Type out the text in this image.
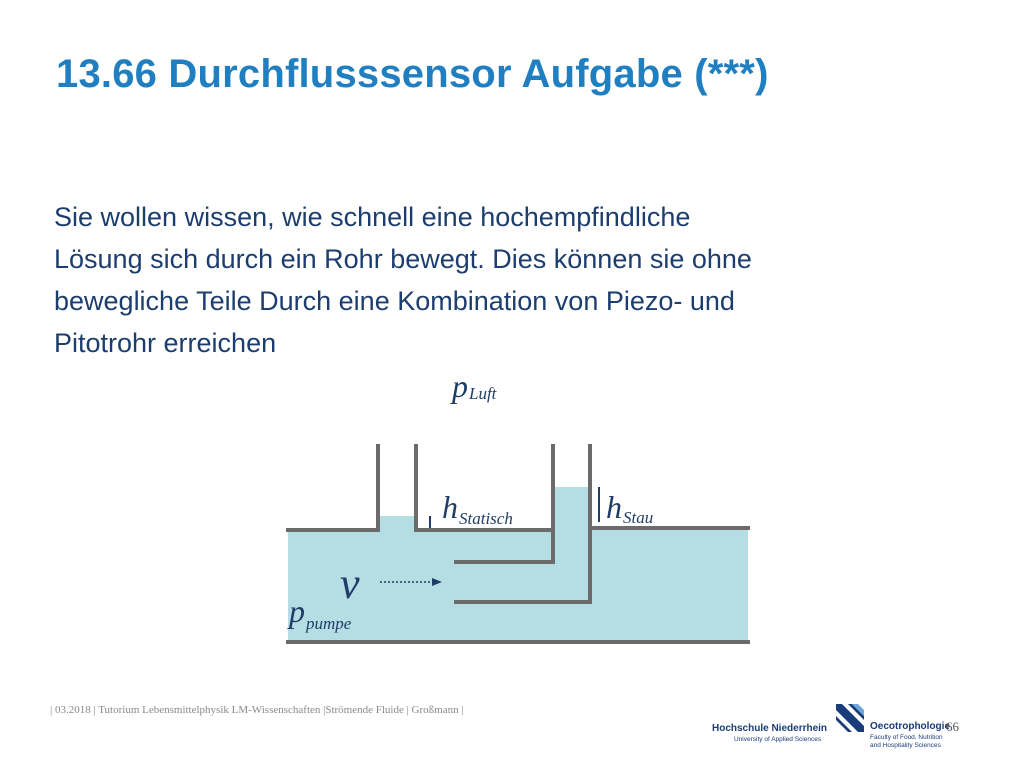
13.66 Durchflusssensor Aufgabe (***)

Sie wollen wissen, wie schnell eine hochempfindliche
Lösung sich durch ein Rohr bewegt. Dies können sie ohne
bewegliche Teile Durch eine Kombination von Piezo- und
Pitotrohr erreichen

pLuft
hStatisch	hStau
v
ppumpe
| 03.2018 | Tutorium Lebensmittelphysik LM-Wissenschaften |Strömende Fluide | Großmann |
Hochschule Niederrhein
University of Applied Sciences
Oecotrophologie
Faculty of Food, Nutrition
and Hospitality Sciences
66
